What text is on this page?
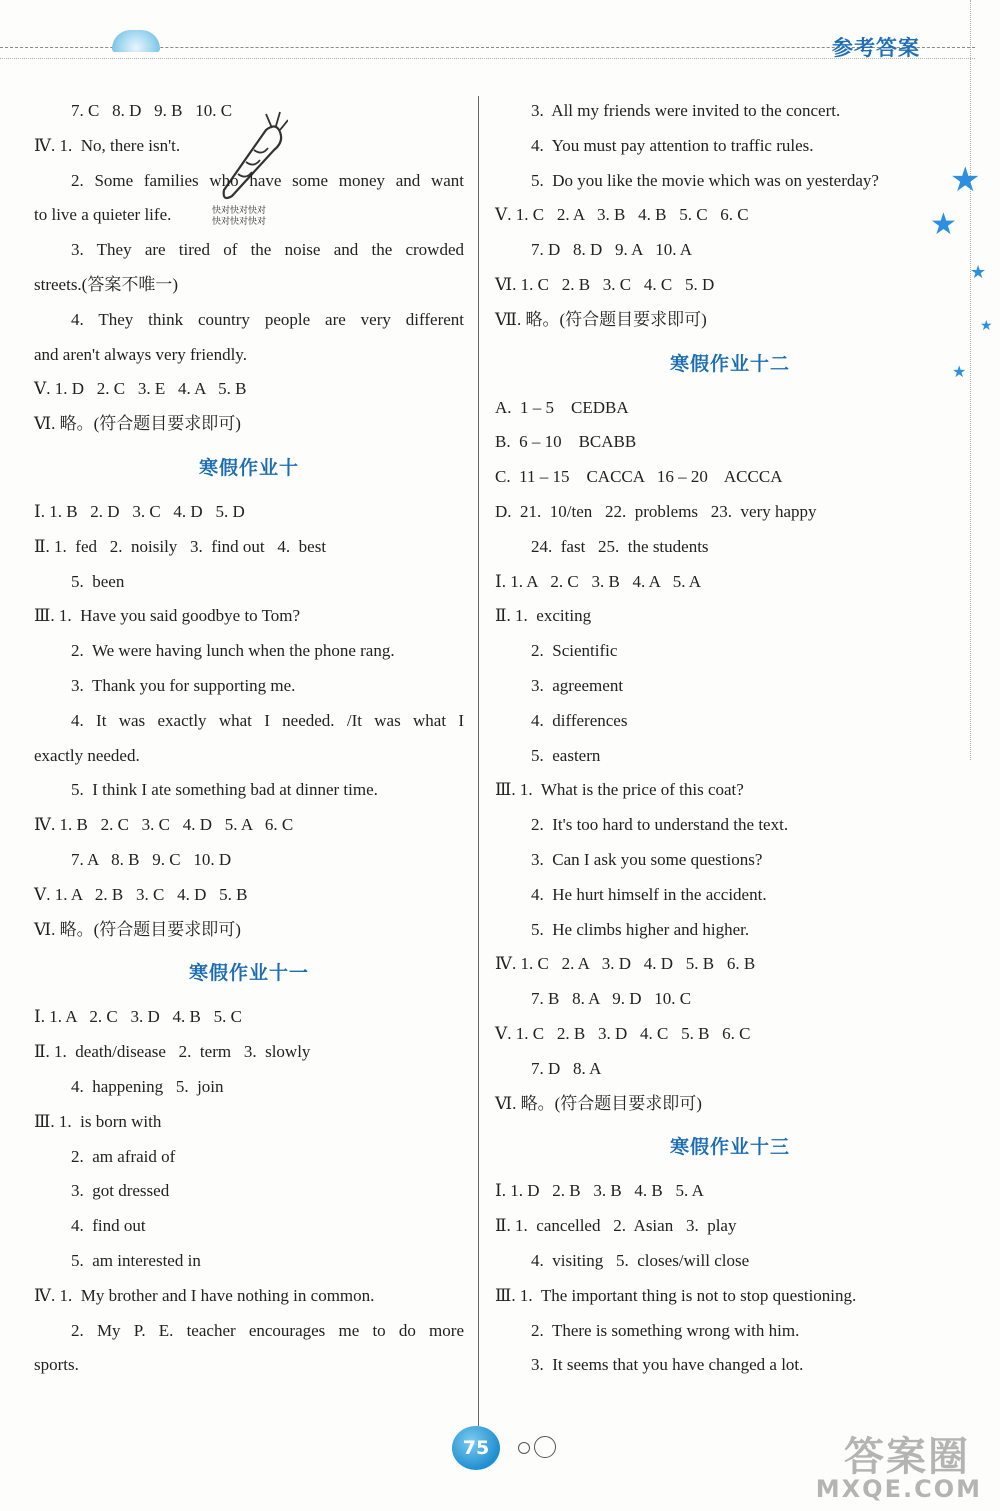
参考答案
★
★
★
★
★
快对快对快对
快对快对快对
7. C   8. D   9. B   10. C
Ⅳ. 1.  No, there isn't.
2. Some families who have some money and want
to live a quieter life.
3. They are tired of the noise and the crowded
streets.(答案不唯一)
4. They think country people are very different
and aren't always very friendly.
Ⅴ. 1. D   2. C   3. E   4. A   5. B
Ⅵ. 略。(符合题目要求即可)
寒假作业十
Ⅰ. 1. B   2. D   3. C   4. D   5. D
Ⅱ. 1.  fed   2.  noisily   3.  find out   4.  best
5.  been
Ⅲ. 1.  Have you said goodbye to Tom?
2.  We were having lunch when the phone rang.
3.  Thank you for supporting me.
4. It was exactly what I needed. /It was what I
exactly needed.
5.  I think I ate something bad at dinner time.
Ⅳ. 1. B   2. C   3. C   4. D   5. A   6. C
7. A   8. B   9. C   10. D
Ⅴ. 1. A   2. B   3. C   4. D   5. B
Ⅵ. 略。(符合题目要求即可)
寒假作业十一
Ⅰ. 1. A   2. C   3. D   4. B   5. C
Ⅱ. 1.  death/disease   2.  term   3.  slowly
4.  happening   5.  join
Ⅲ. 1.  is born with
2.  am afraid of
3.  got dressed
4.  find out
5.  am interested in
Ⅳ. 1.  My brother and I have nothing in common.
2. My P. E. teacher encourages me to do more
sports.
3.  All my friends were invited to the concert.
4.  You must pay attention to traffic rules.
5.  Do you like the movie which was on yesterday?
Ⅴ. 1. C   2. A   3. B   4. B   5. C   6. C
7. D   8. D   9. A   10. A
Ⅵ. 1. C   2. B   3. C   4. C   5. D
Ⅶ. 略。(符合题目要求即可)
寒假作业十二
A.  1 – 5    CEDBA
B.  6 – 10    BCABB
C.  11 – 15    CACCA   16 – 20    ACCCA
D.  21.  10/ten   22.  problems   23.  very happy
24.  fast   25.  the students
Ⅰ. 1. A   2. C   3. B   4. A   5. A
Ⅱ. 1.  exciting
2.  Scientific
3.  agreement
4.  differences
5.  eastern
Ⅲ. 1.  What is the price of this coat?
2.  It's too hard to understand the text.
3.  Can I ask you some questions?
4.  He hurt himself in the accident.
5.  He climbs higher and higher.
Ⅳ. 1. C   2. A   3. D   4. D   5. B   6. B
7. B   8. A   9. D   10. C
Ⅴ. 1. C   2. B   3. D   4. C   5. B   6. C
7. D   8. A
Ⅵ. 略。(符合题目要求即可)
寒假作业十三
Ⅰ. 1. D   2. B   3. B   4. B   5. A
Ⅱ. 1.  cancelled   2.  Asian   3.  play
4.  visiting   5.  closes/will close
Ⅲ. 1.  The important thing is not to stop questioning.
2.  There is something wrong with him.
3.  It seems that you have changed a lot.
75	答案圈
MXQE.COM
